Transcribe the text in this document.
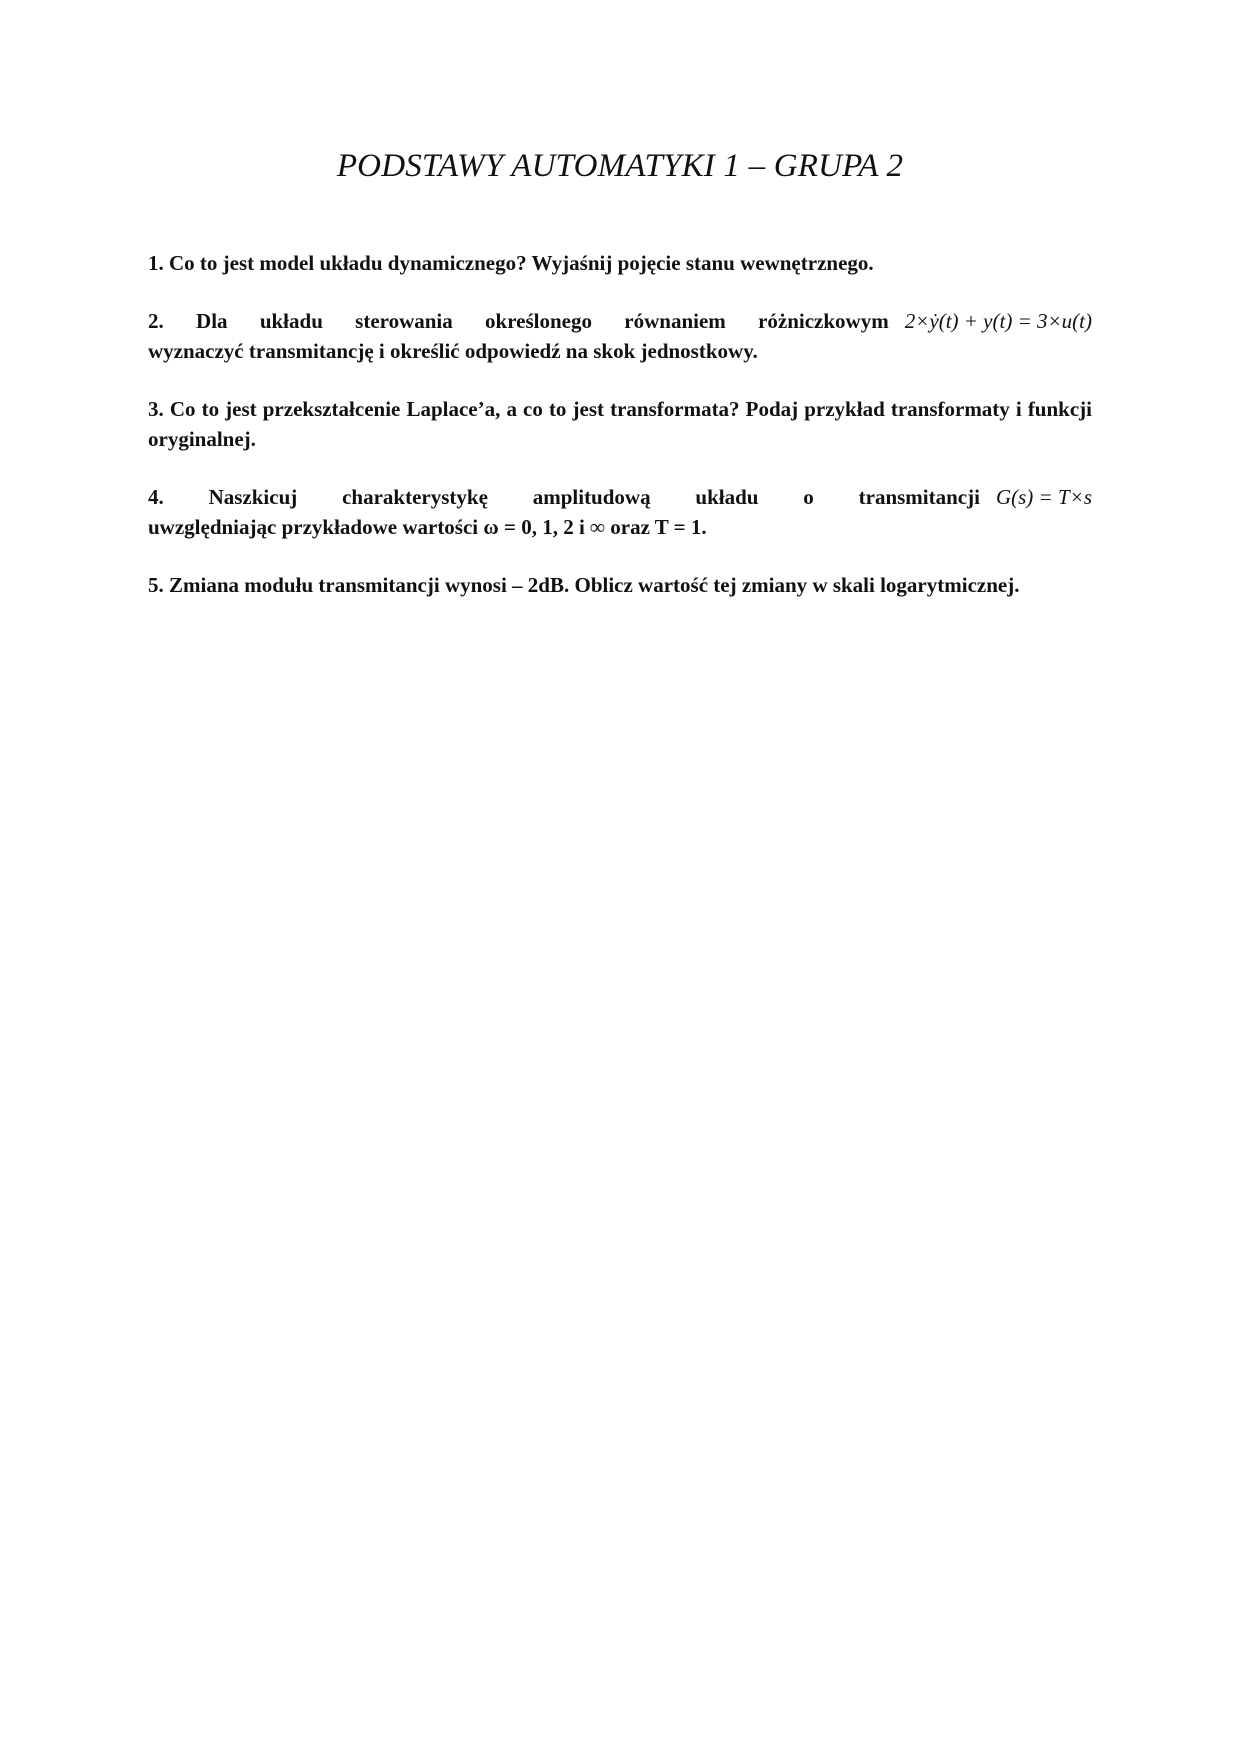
PODSTAWY AUTOMATYKI 1 – GRUPA 2

1. Co to jest model układu dynamicznego? Wyjaśnij pojęcie stanu wewnętrznego.

2. Dla układu sterowania określonego równaniem różniczkowym 2×ẏ(t) + y(t) = 3×u(t)
wyznaczyć transmitancję i określić odpowiedź na skok jednostkowy.

3. Co to jest przekształcenie Laplace’a, a co to jest transformata? Podaj przykład transformaty i funkcji oryginalnej.

4. Naszkicuj charakterystykę amplitudową układu o transmitancji G(s) = T×s
uwzględniając przykładowe wartości ω = 0, 1, 2 i ∞ oraz T = 1.

5. Zmiana modułu transmitancji wynosi – 2dB. Oblicz wartość tej zmiany w skali logarytmicznej.
